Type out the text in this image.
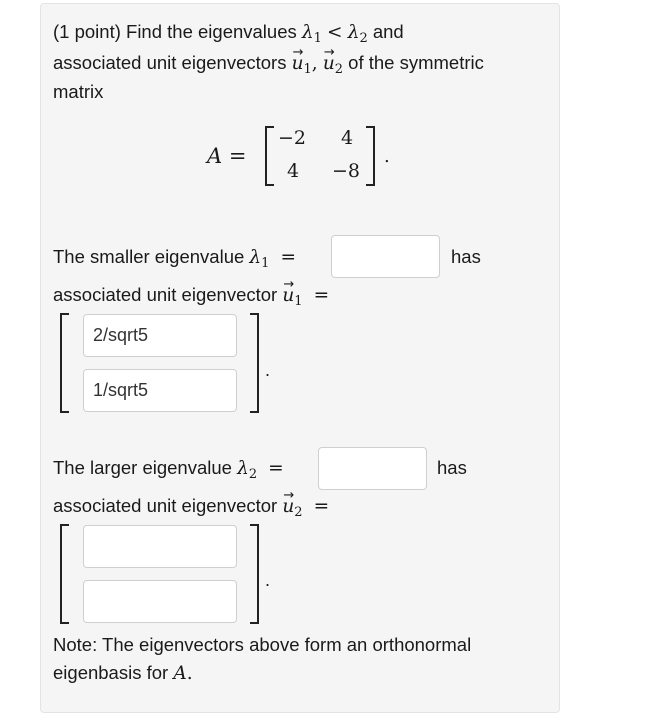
(1 point) Find the eigenvalues $\lambda_1 < \lambda_2$ and
associated unit eigenvectors → $u_1$, → $u_2$ of the symmetric
matrix
A =
−2 4
4 −8
.
The smaller eigenvalue $\lambda_1$ =	has
associated unit eigenvector → $u_1$ =
2/sqrt5
1/sqrt5
.
The larger eigenvalue $\lambda_2$ =	has
associated unit eigenvector → $u_2$ =
.
Note: The eigenvectors above form an orthonormal
eigenbasis for A.
